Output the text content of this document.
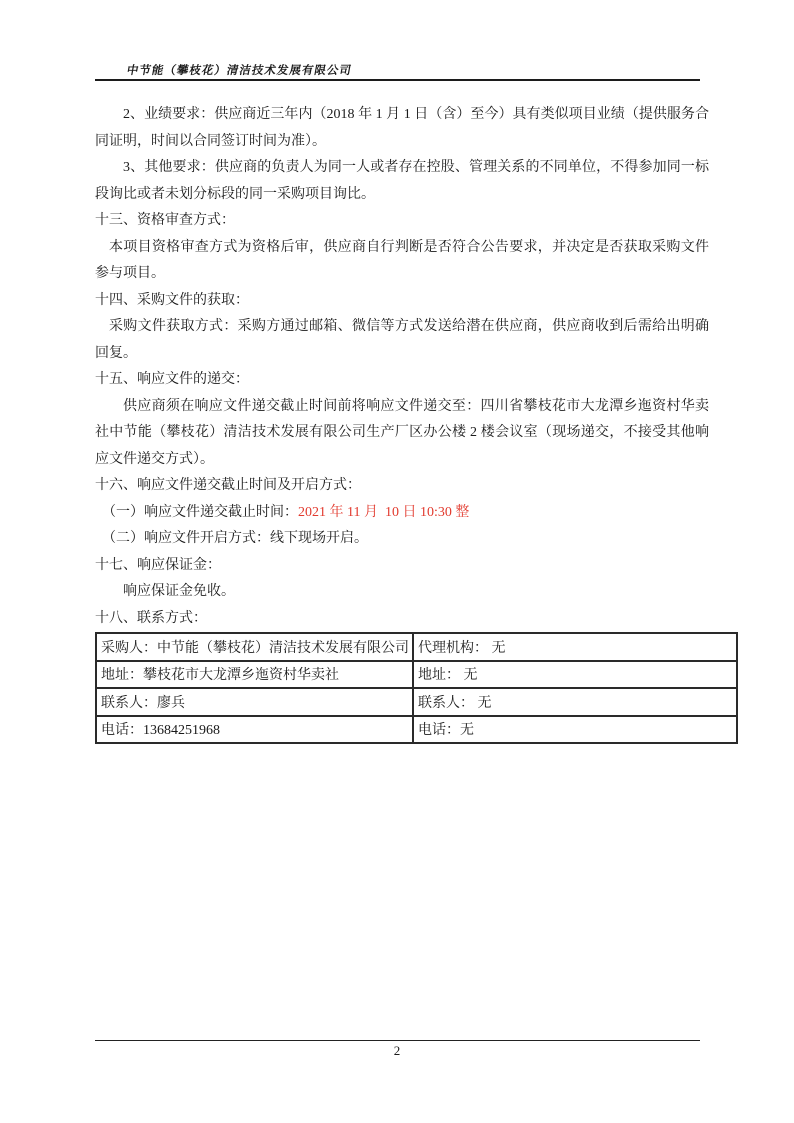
中节能（攀枝花）清洁技术发展有限公司

2、业绩要求：供应商近三年内（2018 年 1 月 1 日（含）至今）具有类似项目业绩（提供服务合同证明，时间以合同签订时间为准）。

3、其他要求：供应商的负责人为同一人或者存在控股、管理关系的不同单位，不得参加同一标段询比或者未划分标段的同一采购项目询比。

十三、资格审查方式：

本项目资格审查方式为资格后审，供应商自行判断是否符合公告要求，并决定是否获取采购文件参与项目。

十四、采购文件的获取：

采购文件获取方式：采购方通过邮箱、微信等方式发送给潜在供应商，供应商收到后需给出明确回复。

十五、响应文件的递交：

供应商须在响应文件递交截止时间前将响应文件递交至：四川省攀枝花市大龙潭乡迤资村华卖社中节能（攀枝花）清洁技术发展有限公司生产厂区办公楼 2 楼会议室（现场递交，不接受其他响应文件递交方式）。

十六、响应文件递交截止时间及开启方式：

（一）响应文件递交截止时间：2021 年 11 月  10 日 10:30 整

（二）响应文件开启方式：线下现场开启。

十七、响应保证金：

响应保证金免收。

十八、联系方式：

采购人：中节能（攀枝花）清洁技术发展有限公司	代理机构： 无
地址：攀枝花市大龙潭乡迤资村华卖社	地址： 无
联系人：廖兵	联系人： 无
电话：13684251968	电话：无
2
